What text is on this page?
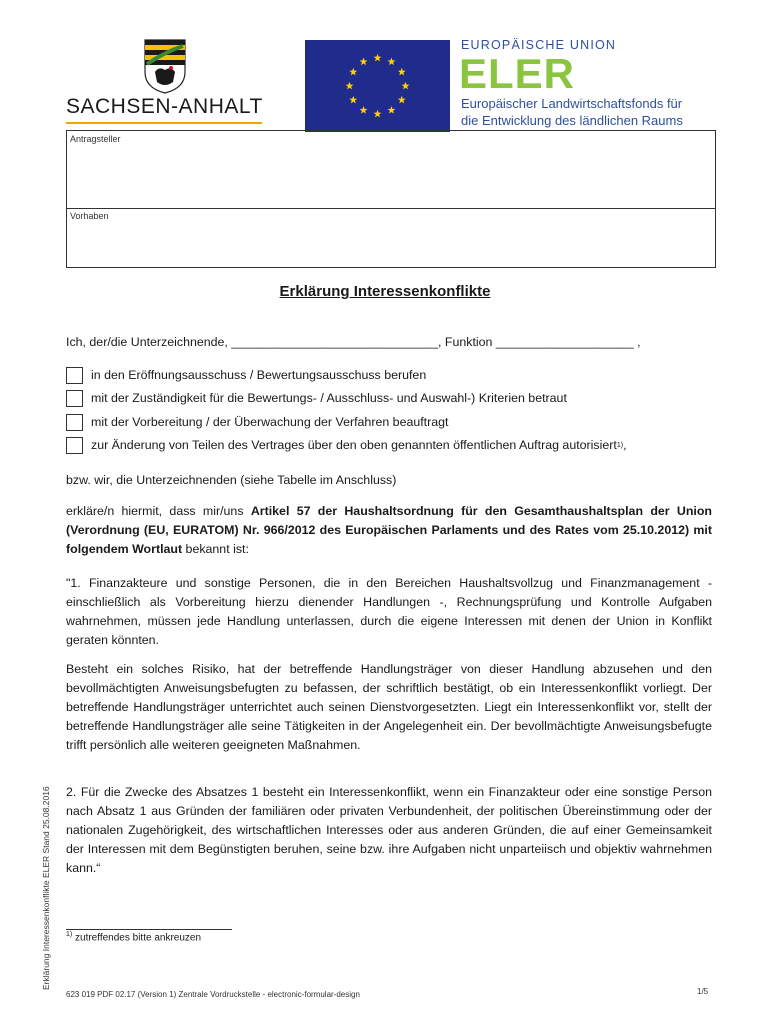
SACHSEN-ANHALT
EUROPÄISCHE UNION
ELER
Europäischer Landwirtschaftsfonds für
die Entwicklung des ländlichen Raums
Antragsteller
Vorhaben
Erklärung Interessenkonflikte
Ich, der/die Unterzeichnende, ______________________________, Funktion ____________________ ,
in den Eröffnungsausschuss / Bewertungsausschuss berufen
mit der Zuständigkeit für die Bewertungs- / Ausschluss- und Auswahl-) Kriterien betraut
mit der Vorbereitung / der Überwachung der Verfahren beauftragt
zur Änderung von Teilen des Vertrages über den oben genannten öffentlichen Auftrag autorisiert 1) ,
bzw. wir, die Unterzeichnenden (siehe Tabelle im Anschluss)
erkläre/n hiermit, dass mir/uns Artikel 57 der Haushaltsordnung für den Gesamthaushaltsplan der Union (Verordnung (EU, EURATOM) Nr. 966/2012 des Europäischen Parlaments und des Rates vom 25.10.2012) mit folgendem Wortlaut bekannt ist:
"1. Finanzakteure und sonstige Personen, die in den Bereichen Haushaltsvollzug und Finanzmanagement - einschließlich als Vorbereitung hierzu dienender Handlungen -, Rechnungsprüfung und Kontrolle Aufgaben wahrnehmen, müssen jede Handlung unterlassen, durch die eigene Interessen mit denen der Union in Konflikt geraten könnten.
Besteht ein solches Risiko, hat der betreffende Handlungsträger von dieser Handlung abzusehen und den bevollmächtigten Anweisungsbefugten zu befassen, der schriftlich bestätigt, ob ein Interessenkonflikt vorliegt. Der betreffende Handlungsträger unterrichtet auch seinen Dienstvorgesetzten. Liegt ein Interessenkonflikt vor, stellt der betreffende Handlungsträger alle seine Tätigkeiten in der Angelegenheit ein. Der bevollmächtigte Anweisungsbefugte trifft persönlich alle weiteren geeigneten Maßnahmen.
2. Für die Zwecke des Absatzes 1 besteht ein Interessenkonflikt, wenn ein Finanzakteur oder eine sonstige Person nach Absatz 1 aus Gründen der familiären oder privaten Verbundenheit, der politischen Übereinstimmung oder der nationalen Zugehörigkeit, des wirtschaftlichen Interesses oder aus anderen Gründen, die auf einer Gemeinsamkeit der Interessen mit dem Begünstigten beruhen, seine bzw. ihre Aufgaben nicht unparteiisch und objektiv wahrnehmen kann.“
Erklärung Interessenkonflikte ELER Stand 25.08.2016 $^{1)}$ zutreffendes bitte ankreuzen
623 019 PDF 02.17 (Version 1) Zentrale Vordruckstelle - electronic-formular-design	1/5
